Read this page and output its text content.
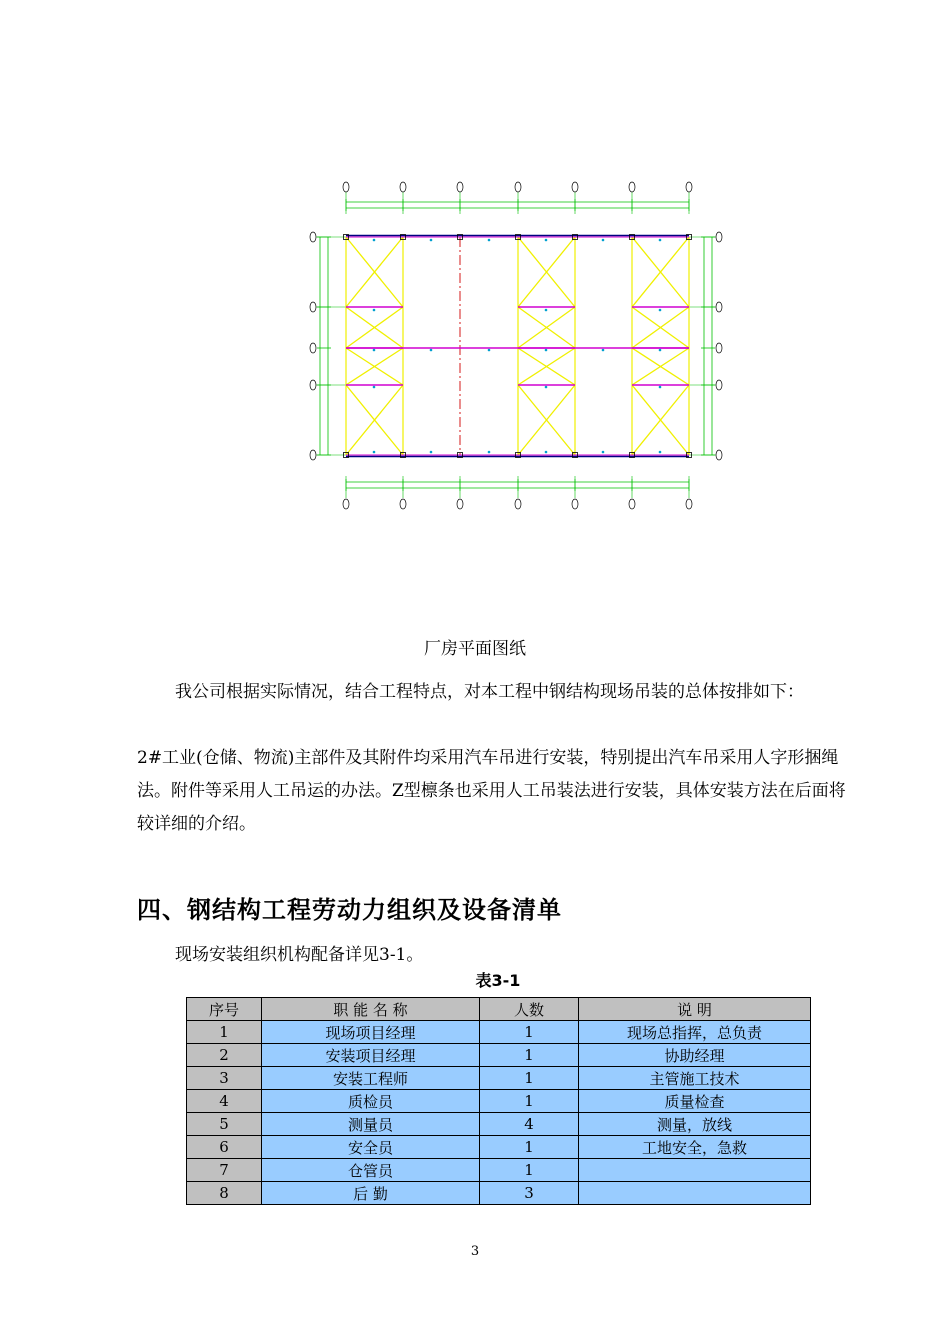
厂房平面图纸
我公司根据实际情况，结合工程特点，对本工程中钢结构现场吊装的总体按排如下：
2#工业(仓储、物流)主部件及其附件均采用汽车吊进行安装，特别提出汽车吊采用人字形捆绳法。附件等采用人工吊运的办法。Z型檩条也采用人工吊装法进行安装，具体安装方法在后面将较详细的介绍。
四、钢结构工程劳动力组织及设备清单
现场安装组织机构配备详见3-1。
表3-1
序号	职 能 名 称	人数	说 明
1	现场项目经理	1	现场总指挥，总负责
2	安装项目经理	1	协助经理
3	安装工程师	1	主管施工技术
4	质检员	1	质量检查
5	测量员	4	测量，放线
6	安全员	1	工地安全，急救
7	仓管员	1	
8	后 勤	3	
3
